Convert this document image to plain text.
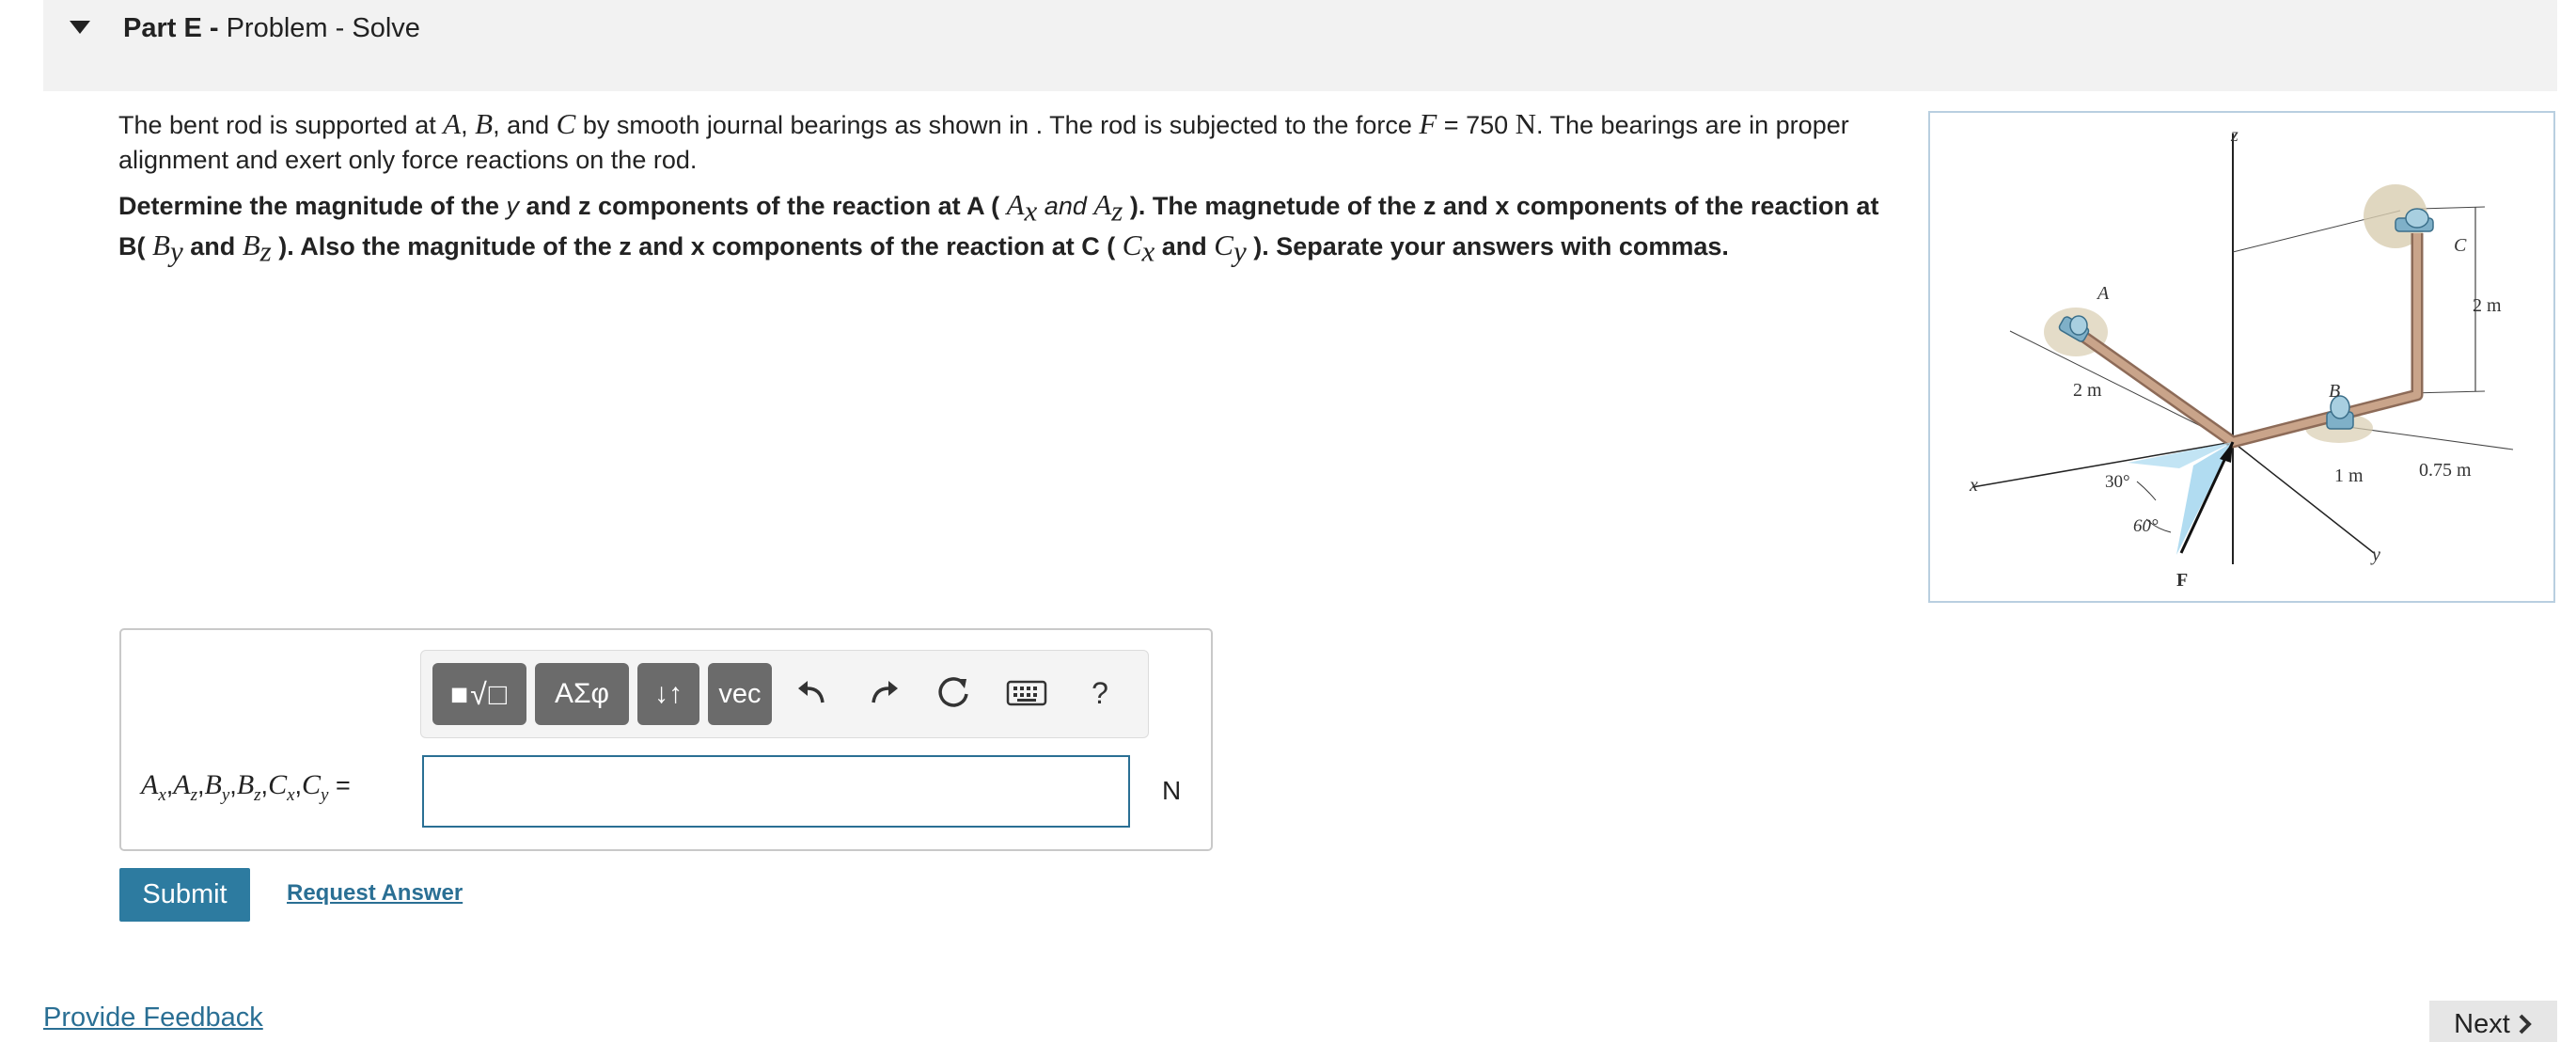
Part E - Problem - Solve

The bent rod is supported at A, B, and C by smooth journal bearings as shown in . The rod is subjected to the force F = 750 N. The bearings are in proper alignment and exert only force reactions on the rod.

Determine the magnitude of the y and z components of the reaction at A ( $A_x$ and $A_z$ ). The magnetude of the z and x components of the reaction at B( $B_y$ and $B_z$ ). Also the magnitude of the z and x components of the reaction at C ( $C_x$ and $C_y$ ). Separate your answers with commas.

z
A
C
B
x
y
F
2 m
2 m
1 m	0.75 m
30°
60°
■√□ ΑΣφ ↓↑ vec	?
$A_x,A_z,B_y,B_z,C_x,C_y$ =	N
Submit	Request Answer
Provide Feedback	Next
